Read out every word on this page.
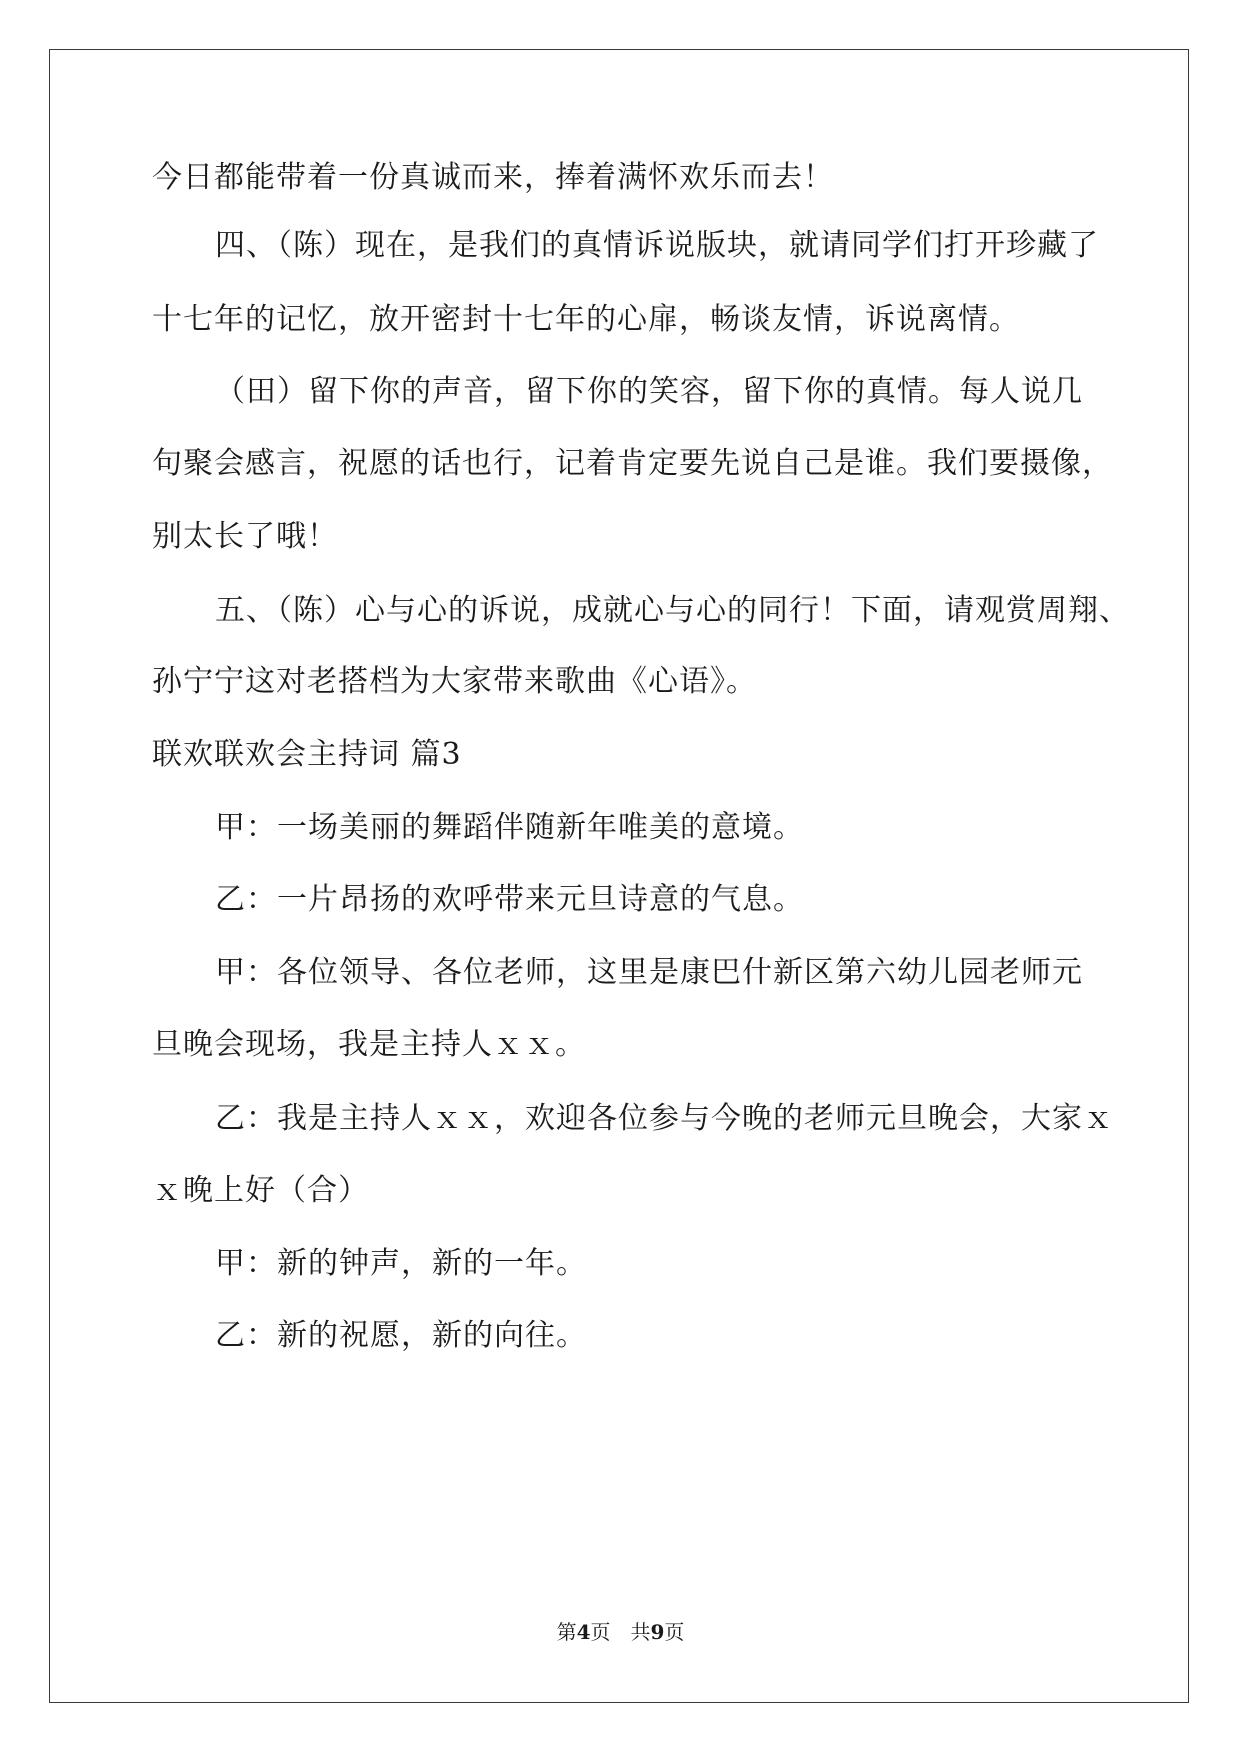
今日都能带着一份真诚而来，捧着满怀欢乐而去！
四、（陈）现在，是我们的真情诉说版块，就请同学们打开珍藏了
十七年的记忆，放开密封十七年的心扉，畅谈友情，诉说离情。
（田）留下你的声音，留下你的笑容，留下你的真情。每人说几
句聚会感言，祝愿的话也行，记着肯定要先说自己是谁。我们要摄像，
别太长了哦！
五、（陈）心与心的诉说，成就心与心的同行！下面，请观赏周翔、
孙宁宁这对老搭档为大家带来歌曲《心语》。
联欢联欢会主持词 篇3
甲：一场美丽的舞蹈伴随新年唯美的意境。
乙：一片昂扬的欢呼带来元旦诗意的气息。
甲：各位领导、各位老师，这里是康巴什新区第六幼儿园老师元
旦晚会现场，我是主持人ｘｘ。
乙：我是主持人ｘｘ，欢迎各位参与今晚的老师元旦晚会，大家ｘ
ｘ晚上好（合）
甲：新的钟声，新的一年。
乙：新的祝愿，新的向往。
第4页　共9页
